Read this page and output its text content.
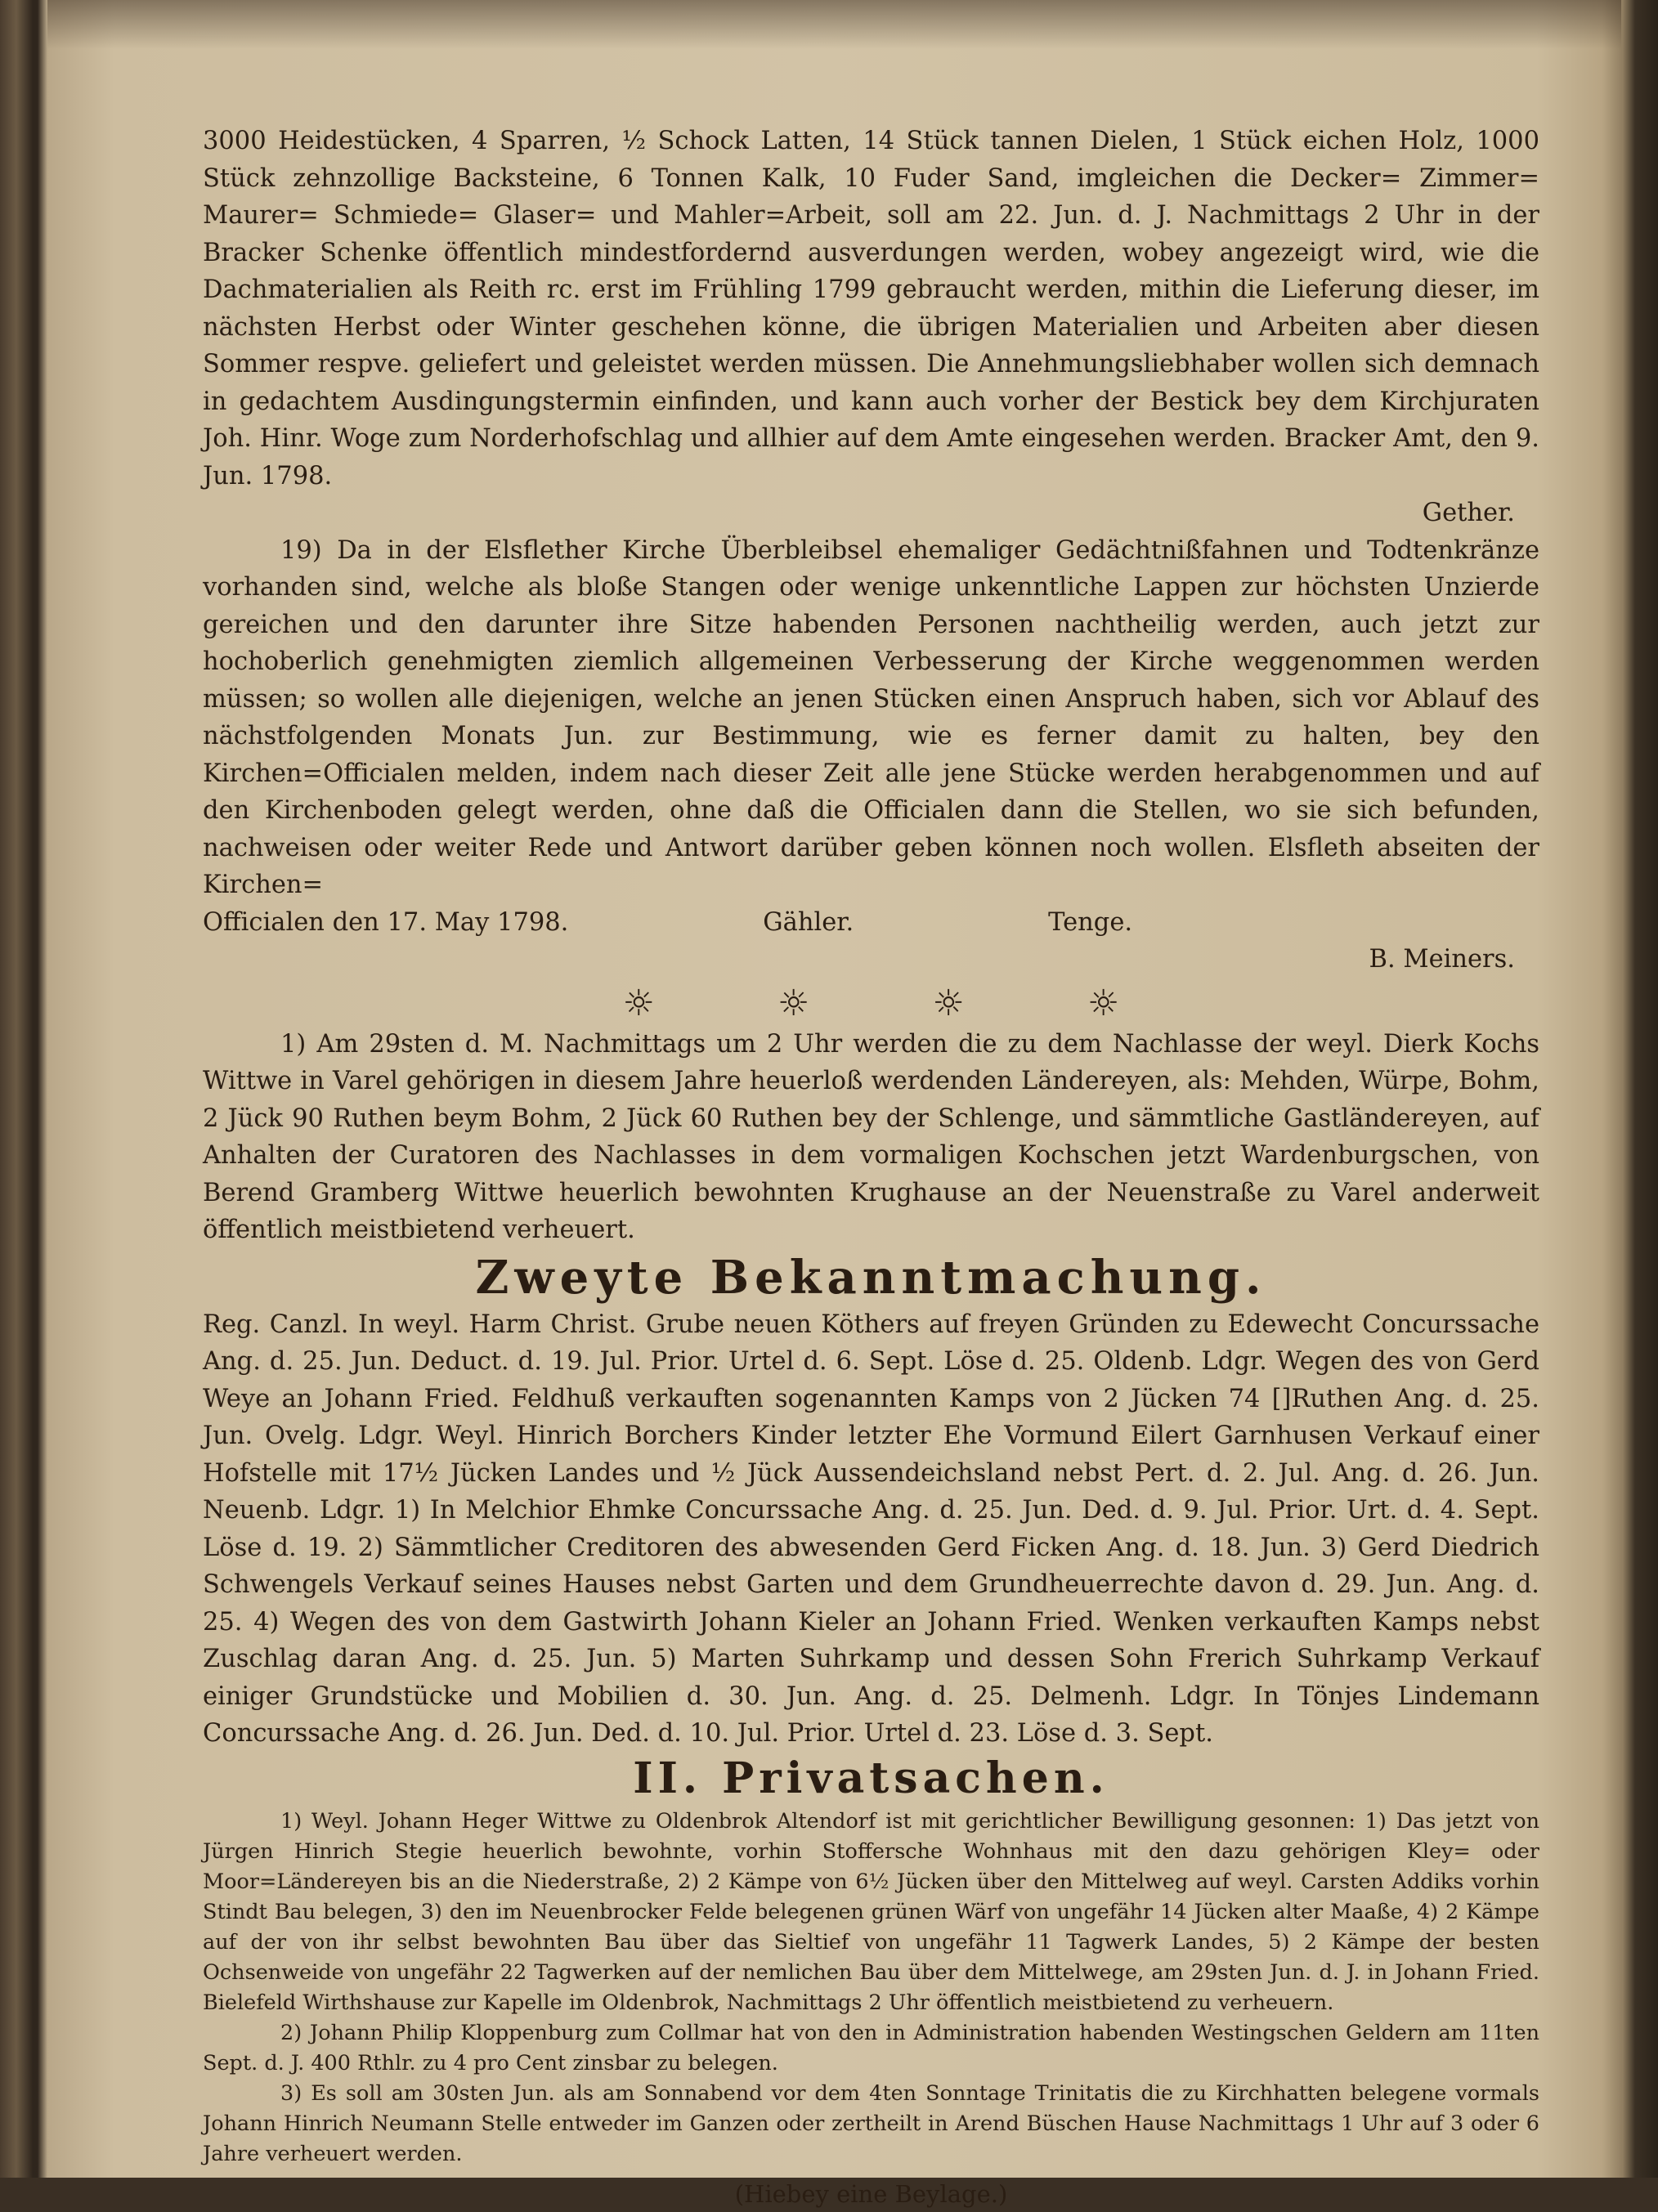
3000 Heidestücken, 4 Sparren, ½ Schock Latten, 14 Stück tannen Dielen, 1 Stück eichen Holz, 1000 Stück zehnzollige Backsteine, 6 Tonnen Kalk, 10 Fuder Sand, imgleichen die Decker= Zimmer= Maurer= Schmiede= Glaser= und Mahler=Arbeit, soll am 22. Jun. d. J. Nachmittags 2 Uhr in der Bracker Schenke öffentlich mindestfordernd ausverdungen werden, wobey angezeigt wird, wie die Dachmaterialien als Reith rc. erst im Frühling 1799 gebraucht werden, mithin die Lieferung dieser, im nächsten Herbst oder Winter geschehen könne, die übrigen Materialien und Arbeiten aber diesen Sommer respve. geliefert und geleistet werden müssen. Die Annehmungsliebhaber wollen sich demnach in gedachtem Ausdingungstermin einfinden, und kann auch vorher der Bestick bey dem Kirchjuraten Joh. Hinr. Woge zum Norderhofschlag und allhier auf dem Amte eingesehen werden. Bracker Amt, den 9. Jun. 1798.

Gether.

19) Da in der Elsflether Kirche Überbleibsel ehemaliger Gedächtnißfahnen und Todtenkränze vorhanden sind, welche als bloße Stangen oder wenige unkenntliche Lappen zur höchsten Unzierde gereichen und den darunter ihre Sitze habenden Personen nachtheilig werden, auch jetzt zur hochoberlich genehmigten ziemlich allgemeinen Verbesserung der Kirche weggenommen werden müssen; so wollen alle diejenigen, welche an jenen Stücken einen Anspruch haben, sich vor Ablauf des nächstfolgenden Monats Jun. zur Bestimmung, wie es ferner damit zu halten, bey den Kirchen=Officialen melden, indem nach dieser Zeit alle jene Stücke werden herabgenommen und auf den Kirchenboden gelegt werden, ohne daß die Officialen dann die Stellen, wo sie sich befunden, nachweisen oder weiter Rede und Antwort darüber geben können noch wollen. Elsfleth abseiten der Kirchen=

Officialen den 17. May 1798.	Gähler.	Tenge.
B. Meiners.
☼	☼	☼	☼

1) Am 29sten d. M. Nachmittags um 2 Uhr werden die zu dem Nachlasse der weyl. Dierk Kochs Wittwe in Varel gehörigen in diesem Jahre heuerloß werdenden Ländereyen, als: Mehden, Würpe, Bohm, 2 Jück 90 Ruthen beym Bohm, 2 Jück 60 Ruthen bey der Schlenge, und sämmtliche Gastländereyen, auf Anhalten der Curatoren des Nachlasses in dem vormaligen Kochschen jetzt Wardenburgschen, von Berend Gramberg Wittwe heuerlich bewohnten Krughause an der Neuenstraße zu Varel anderweit öffentlich meistbietend verheuert.

Zweyte Bekanntmachung.

Reg. Canzl. In weyl. Harm Christ. Grube neuen Köthers auf freyen Gründen zu Edewecht Concurssache Ang. d. 25. Jun. Deduct. d. 19. Jul. Prior. Urtel d. 6. Sept. Löse d. 25. Oldenb. Ldgr. Wegen des von Gerd Weye an Johann Fried. Feldhuß verkauften sogenannten Kamps von 2 Jücken 74 []Ruthen Ang. d. 25. Jun. Ovelg. Ldgr. Weyl. Hinrich Borchers Kinder letzter Ehe Vormund Eilert Garnhusen Verkauf einer Hofstelle mit 17½ Jücken Landes und ½ Jück Aussendeichsland nebst Pert. d. 2. Jul. Ang. d. 26. Jun. Neuenb. Ldgr. 1) In Melchior Ehmke Concurssache Ang. d. 25. Jun. Ded. d. 9. Jul. Prior. Urt. d. 4. Sept. Löse d. 19. 2) Sämmtlicher Creditoren des abwesenden Gerd Ficken Ang. d. 18. Jun. 3) Gerd Diedrich Schwengels Verkauf seines Hauses nebst Garten und dem Grundheuerrechte davon d. 29. Jun. Ang. d. 25. 4) Wegen des von dem Gastwirth Johann Kieler an Johann Fried. Wenken verkauften Kamps nebst Zuschlag daran Ang. d. 25. Jun. 5) Marten Suhrkamp und dessen Sohn Frerich Suhrkamp Verkauf einiger Grundstücke und Mobilien d. 30. Jun. Ang. d. 25. Delmenh. Ldgr. In Tönjes Lindemann Concurssache Ang. d. 26. Jun. Ded. d. 10. Jul. Prior. Urtel d. 23. Löse d. 3. Sept.

II. Privatsachen.

1) Weyl. Johann Heger Wittwe zu Oldenbrok Altendorf ist mit gerichtlicher Bewilligung gesonnen: 1) Das jetzt von Jürgen Hinrich Stegie heuerlich bewohnte, vorhin Stoffersche Wohnhaus mit den dazu gehörigen Kley= oder Moor=Ländereyen bis an die Niederstraße, 2) 2 Kämpe von 6½ Jücken über den Mittelweg auf weyl. Carsten Addiks vorhin Stindt Bau belegen, 3) den im Neuenbrocker Felde belegenen grünen Wärf von ungefähr 14 Jücken alter Maaße, 4) 2 Kämpe auf der von ihr selbst bewohnten Bau über das Sieltief von ungefähr 11 Tagwerk Landes, 5) 2 Kämpe der besten Ochsenweide von ungefähr 22 Tagwerken auf der nemlichen Bau über dem Mittelwege, am 29sten Jun. d. J. in Johann Fried. Bielefeld Wirthshause zur Kapelle im Oldenbrok, Nachmittags 2 Uhr öffentlich meistbietend zu verheuern.

2) Johann Philip Kloppenburg zum Collmar hat von den in Administration habenden Westingschen Geldern am 11ten Sept. d. J. 400 Rthlr. zu 4 pro Cent zinsbar zu belegen.

3) Es soll am 30sten Jun. als am Sonnabend vor dem 4ten Sonntage Trinitatis die zu Kirchhatten belegene vormals Johann Hinrich Neumann Stelle entweder im Ganzen oder zertheilt in Arend Büschen Hause Nachmittags 1 Uhr auf 3 oder 6 Jahre verheuert werden.

(Hiebey eine Beylage.)
